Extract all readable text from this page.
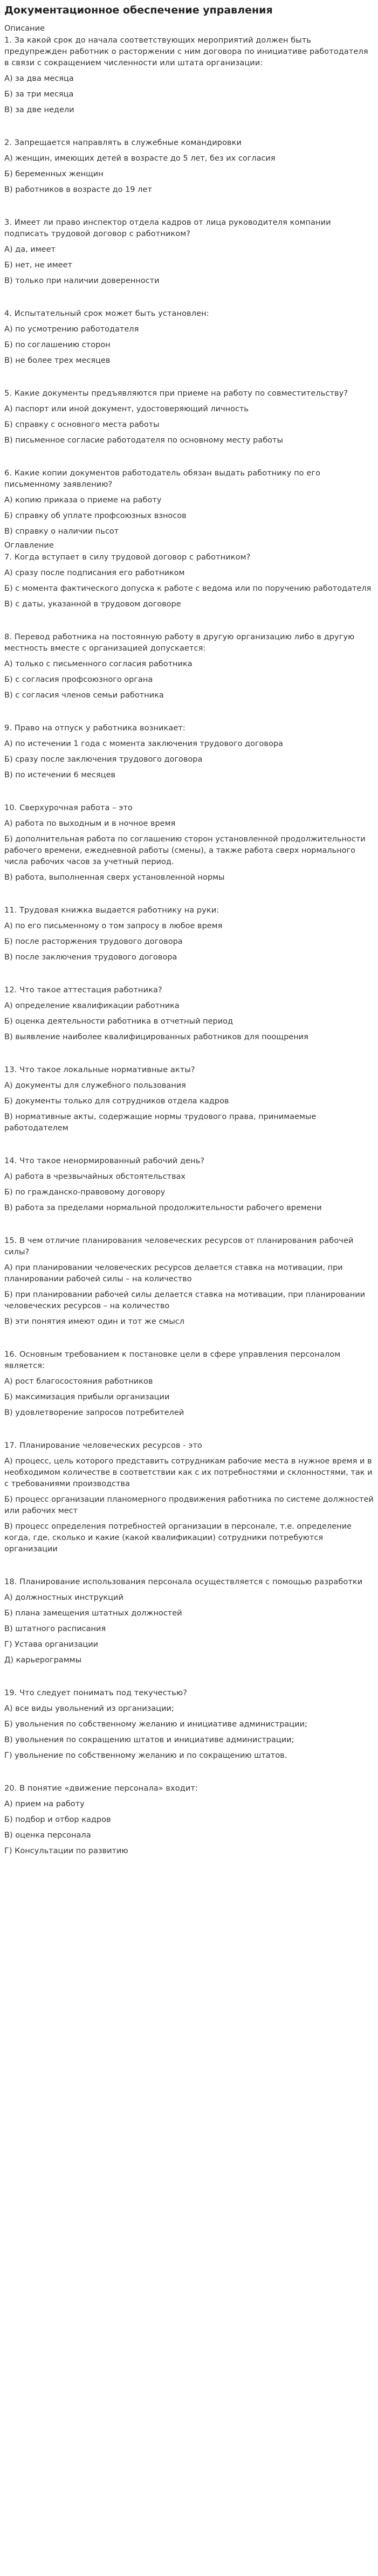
Документационное обеспечение управления
Описание
1. За какой срок до начала соответствующих мероприятий должен быть предупрежден работник о расторжении с ним договора по инициативе работодателя в связи с сокращением численности или штата организации:
А) за два месяца
Б) за три месяца
В) за две недели
2. Запрещается направлять в служебные командировки
А) женщин, имеющих детей в возрасте до 5 лет, без их согласия
Б) беременных женщин
В) работников в возрасте до 19 лет
3. Имеет ли право инспектор отдела кадров от лица руководителя компании подписать трудовой договор с работником?
А) да, имеет
Б) нет, не имеет
В) только при наличии доверенности
4. Испытательный срок может быть установлен:
А) по усмотрению работодателя
Б) по соглашению сторон
В) не более трех месяцев
5. Какие документы предъявляются при приеме на работу по совместительству?
А) паспорт или иной документ, удостоверяющий личность
Б) справку с основного места работы
В) письменное согласие работодателя по основному месту работы
6. Какие копии документов работодатель обязан выдать работнику по его письменному заявлению?
А) копию приказа о приеме на работу
Б) справку об уплате профсоюзных взносов
В) справку о наличии пьсот
Оглавление
7. Когда вступает в силу трудовой договор с работником?
А) сразу после подписания его работником
Б) с момента фактического допуска к работе с ведома или по поручению работодателя
В) с даты, указанной в трудовом договоре
8. Перевод работника на постоянную работу в другую организацию либо в другую местность вместе с организацией допускается:
А) только с письменного согласия работника
Б) с согласия профсоюзного органа
В) с согласия членов семьи работника
9. Право на отпуск у работника возникает:
А) по истечении 1 года с момента заключения трудового договора
Б) сразу после заключения трудового договора
В) по истечении 6 месяцев
10. Сверхурочная работа – это
А) работа по выходным и в ночное время
Б) дополнительная работа по соглашению сторон установленной продолжительности рабочего времени, ежедневной работы (смены), а также работа сверх нормального числа рабочих часов за учетный период.
В) работа, выполненная сверх установленной нормы
11. Трудовая книжка выдается работнику на руки:
А) по его письменному о том запросу в любое время
Б) после расторжения трудового договора
В) после заключения трудового договора
12. Что такое аттестация работника?
А) определение квалификации работника
Б) оценка деятельности работника в отчетный период
В) выявление наиболее квалифицированных работников для поощрения
13. Что такое локальные нормативные акты?
А) документы для служебного пользования
Б) документы только для сотрудников отдела кадров
В) нормативные акты, содержащие нормы трудового права, принимаемые работодателем
14. Что такое ненормированный рабочий день?
А) работа в чрезвычайных обстоятельствах
Б) по гражданско-правовому договору
В) работа за пределами нормальной продолжительности рабочего времени
15. В чем отличие планирования человеческих ресурсов от планирования рабочей силы?
А) при планировании человеческих ресурсов делается ставка на мотивации, при планировании рабочей силы – на количество
Б) при планировании рабочей силы делается ставка на мотивации, при планировании человеческих ресурсов – на количество
В) эти понятия имеют один и тот же смысл
16. Основным требованием к постановке цели в сфере управления персоналом является:
А) рост благосостояния работников
Б) максимизация прибыли организации
В) удовлетворение запросов потребителей
17. Планирование человеческих ресурсов - это
А) процесс, цель которого представить сотрудникам рабочие места в нужное время и в необходимом количестве в соответствии как с их потребностями и склонностями, так и с требованиями производства
Б) процесс организации планомерного продвижения работника по системе должностей или рабочих мест
В) процесс определения потребностей организации в персонале, т.е. определение когда, где, сколько и какие (какой квалификации) сотрудники потребуются организации
18. Планирование использования персонала осуществляется с помощью разработки
А) должностных инструкций
Б) плана замещения штатных должностей
В) штатного расписания
Г) Устава организации
Д) карьерограммы
19. Что следует понимать под текучестью?
А) все виды увольнений из организации;
Б) увольнения по собственному желанию и инициативе администрации;
В) увольнения по сокращению штатов и инициативе администрации;
Г) увольнение по собственному желанию и по сокращению штатов.
20. В понятие «движение персонала» входит:
А) прием на работу
Б) подбор и отбор кадров
В) оценка персонала
Г) Консультации по развитию
